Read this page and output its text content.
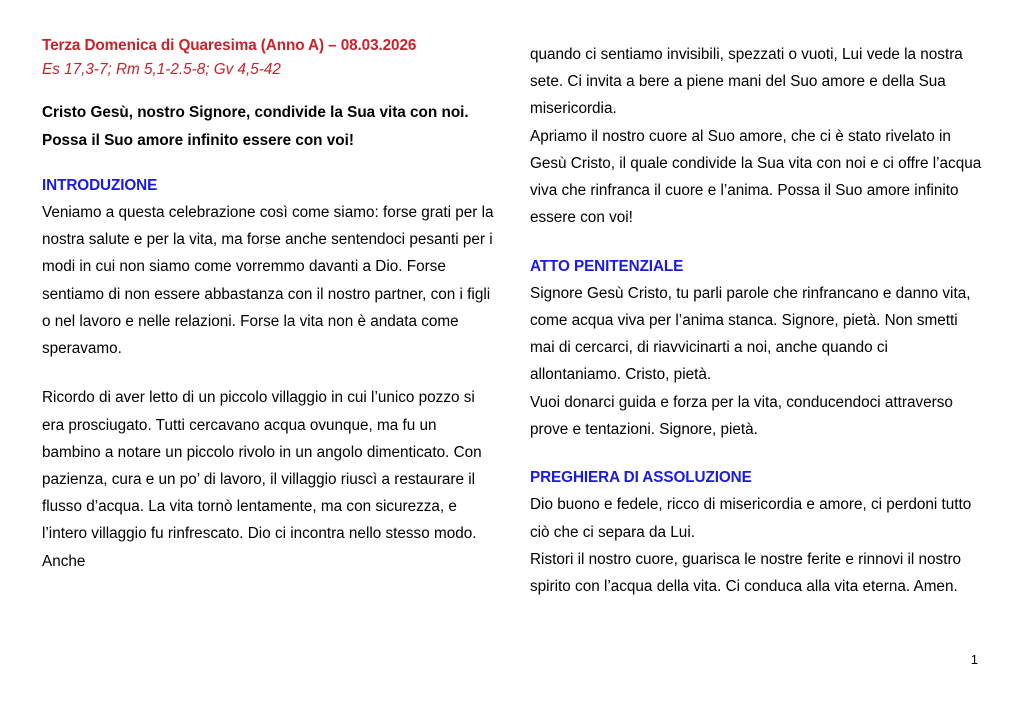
Terza Domenica di Quaresima (Anno A) – 08.03.2026
Es 17,3-7; Rm 5,1-2.5-8; Gv 4,5-42
Cristo Gesù, nostro Signore, condivide la Sua vita con noi. Possa il Suo amore infinito essere con voi!
INTRODUZIONE

Veniamo a questa celebrazione così come siamo: forse grati per la nostra salute e per la vita, ma forse anche sentendoci pesanti per i modi in cui non siamo come vorremmo davanti a Dio. Forse sentiamo di non essere abbastanza con il nostro partner, con i figli o nel lavoro e nelle relazioni. Forse la vita non è andata come speravamo.

Ricordo di aver letto di un piccolo villaggio in cui l’unico pozzo si era prosciugato. Tutti cercavano acqua ovunque, ma fu un bambino a notare un piccolo rivolo in un angolo dimenticato. Con pazienza, cura e un po’ di lavoro, il villaggio riuscì a restaurare il flusso d’acqua. La vita tornò lentamente, ma con sicurezza, e l’intero villaggio fu rinfrescato. Dio ci incontra nello stesso modo. Anche

quando ci sentiamo invisibili, spezzati o vuoti, Lui vede la nostra sete. Ci invita a bere a piene mani del Suo amore e della Sua misericordia.

Apriamo il nostro cuore al Suo amore, che ci è stato rivelato in Gesù Cristo, il quale condivide la Sua vita con noi e ci offre l’acqua viva che rinfranca il cuore e l’anima. Possa il Suo amore infinito essere con voi!

ATTO PENITENZIALE

Signore Gesù Cristo, tu parli parole che rinfrancano e danno vita, come acqua viva per l’anima stanca. Signore, pietà. Non smetti mai di cercarci, di riavvicinarti a noi, anche quando ci allontaniamo. Cristo, pietà.

Vuoi donarci guida e forza per la vita, conducendoci attraverso prove e tentazioni. Signore, pietà.

PREGHIERA DI ASSOLUZIONE

Dio buono e fedele, ricco di misericordia e amore, ci perdoni tutto ciò che ci separa da Lui.

Ristori il nostro cuore, guarisca le nostre ferite e rinnovi il nostro spirito con l’acqua della vita. Ci conduca alla vita eterna. Amen.

1
